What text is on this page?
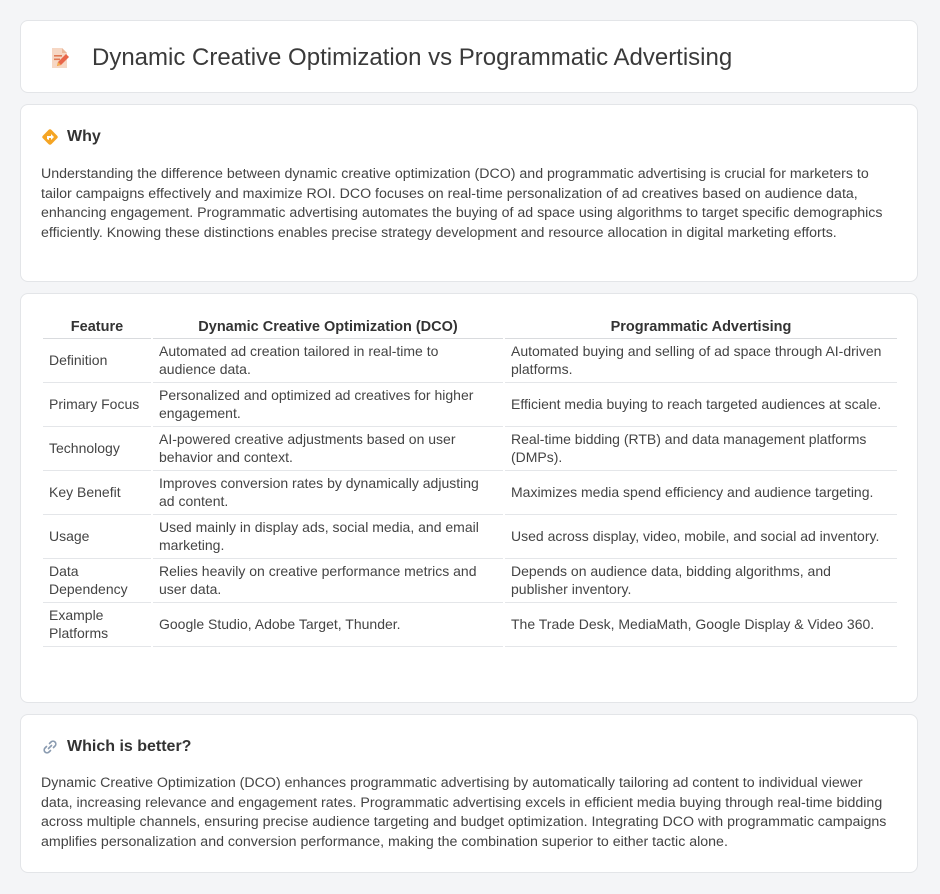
Dynamic Creative Optimization vs Programmatic Advertising
Why

Understanding the difference between dynamic creative optimization (DCO) and programmatic advertising is crucial for marketers to tailor campaigns effectively and maximize ROI. DCO focuses on real-time personalization of ad creatives based on audience data, enhancing engagement. Programmatic advertising automates the buying of ad space using algorithms to target specific demographics efficiently. Knowing these distinctions enables precise strategy development and resource allocation in digital marketing efforts.

Feature	Dynamic Creative Optimization (DCO)	Programmatic Advertising
Definition	Automated ad creation tailored in real-time to audience data.	Automated buying and selling of ad space through AI-driven platforms.
Primary Focus	Personalized and optimized ad creatives for higher engagement.	Efficient media buying to reach targeted audiences at scale.
Technology	AI-powered creative adjustments based on user behavior and context.	Real-time bidding (RTB) and data management platforms (DMPs).
Key Benefit	Improves conversion rates by dynamically adjusting ad content.	Maximizes media spend efficiency and audience targeting.
Usage	Used mainly in display ads, social media, and email marketing.	Used across display, video, mobile, and social ad inventory.
Data Dependency	Relies heavily on creative performance metrics and user data.	Depends on audience data, bidding algorithms, and publisher inventory.
Example Platforms	Google Studio, Adobe Target, Thunder.	The Trade Desk, MediaMath, Google Display & Video 360.
Which is better?

Dynamic Creative Optimization (DCO) enhances programmatic advertising by automatically tailoring ad content to individual viewer data, increasing relevance and engagement rates. Programmatic advertising excels in efficient media buying through real-time bidding across multiple channels, ensuring precise audience targeting and budget optimization. Integrating DCO with programmatic campaigns amplifies personalization and conversion performance, making the combination superior to either tactic alone.
